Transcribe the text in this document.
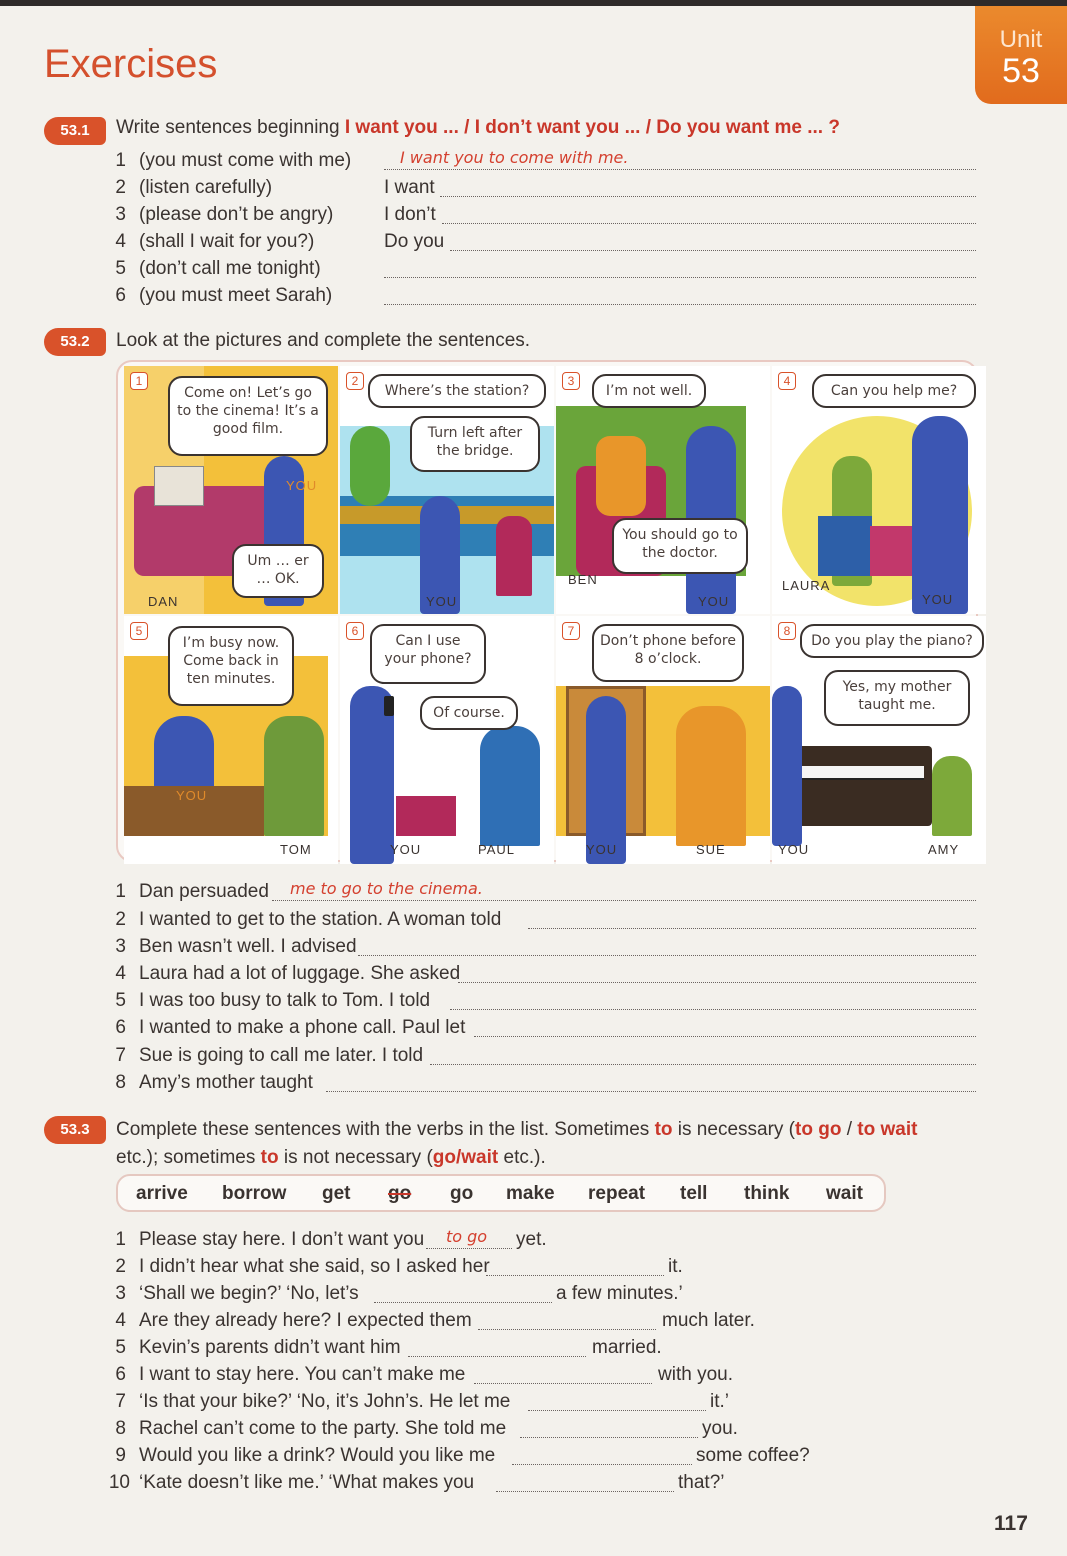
Unit
53
Exercises
53.1	Write sentences beginning I want you ... / I don’t want you ... / Do you want me ... ?
1 (you must come with me)	I want you to come with me.
2 (listen carefully)	I want
3 (please don’t be angry)	I don’t
4 (shall I wait for you?)	Do you
5 (don’t call me tonight)
6 (you must meet Sarah)
53.2	Look at the pictures and complete the sentences.
1
Come on! Let’s go to the cinema! It’s a good film.
Um … er … OK.
DAN
YOU
2
Where’s the station?
Turn left after the bridge.
YOU
3
I’m not well.
You should go to the doctor.
BEN
YOU
4
Can you help me?
LAURA
YOU
5
I’m busy now. Come back in ten minutes.
YOU
TOM
6
Can I use your phone?
Of course.
YOU	PAUL
7
Don’t phone before 8 o’clock.
YOU	SUE
8
Do you play the piano?
Yes, my mother taught me.
YOU	AMY
1 Dan persuaded me to go to the cinema.
2 I wanted to get to the station. A woman told
3 Ben wasn’t well. I advised
4 Laura had a lot of luggage. She asked
5 I was too busy to talk to Tom. I told
6 I wanted to make a phone call. Paul let
7 Sue is going to call me later. I told
8 Amy’s mother taught
53.3	Complete these sentences with the verbs in the list. Sometimes to is necessary (to go / to wait
etc.); sometimes to is not necessary (go/wait etc.).
arrive borrow get go go make repeat tell think wait
1 Please stay here. I don’t want you to go yet.
2 I didn’t hear what she said, so I asked her	it.
3 ‘Shall we begin?’ ‘No, let’s	a few minutes.’
4 Are they already here? I expected them	much later.
5 Kevin’s parents didn’t want him	married.
6 I want to stay here. You can’t make me	with you.
7 ‘Is that your bike?’ ‘No, it’s John’s. He let me	it.’
8 Rachel can’t come to the party. She told me	you.
9 Would you like a drink? Would you like me	some coffee?
10 ‘Kate doesn’t like me.’ ‘What makes you	that?’
117
